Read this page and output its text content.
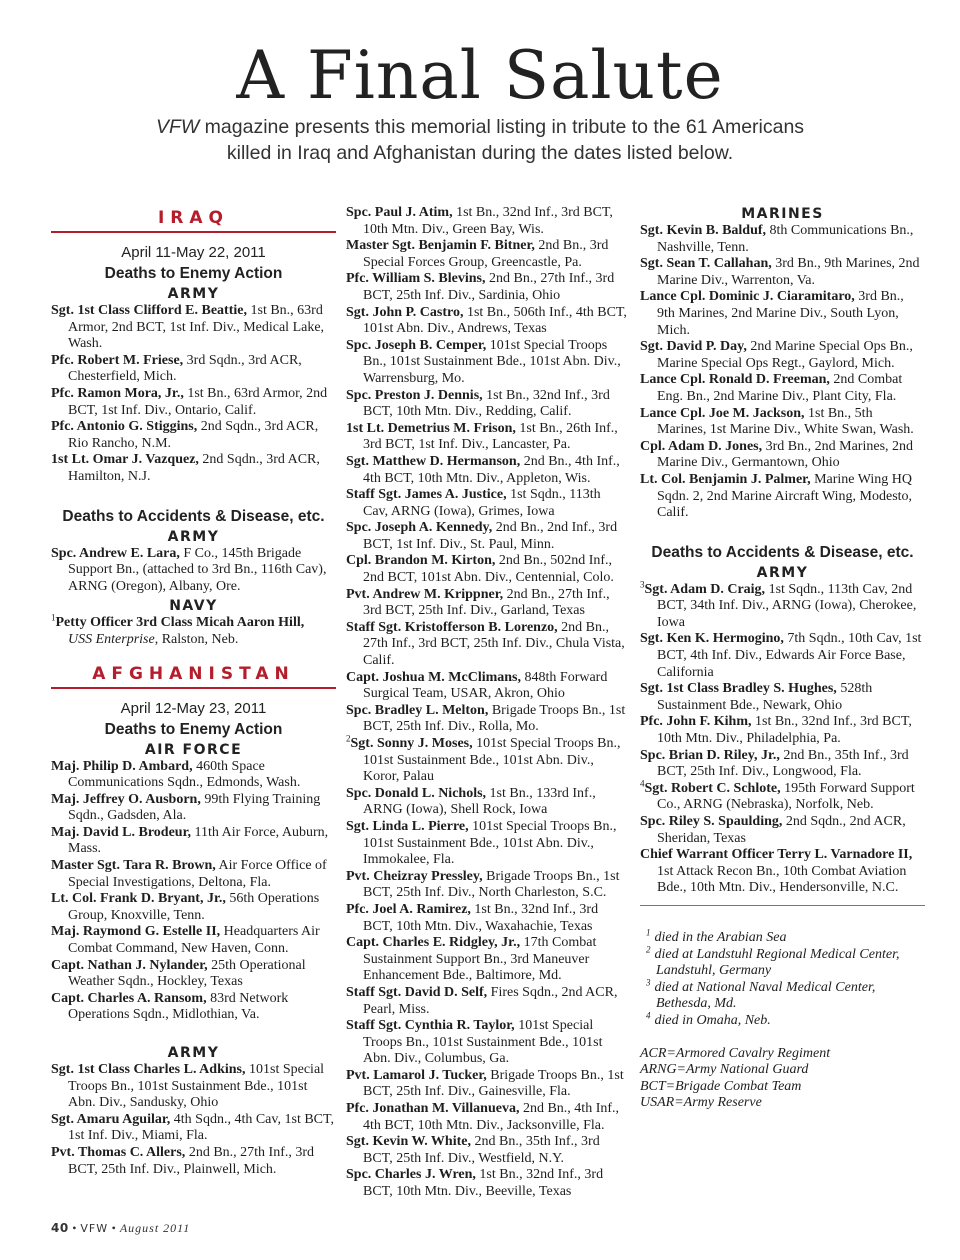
A Final Salute
VFW magazine presents this memorial listing in tribute to the 61 Americans
killed in Iraq and Afghanistan during the dates listed below.
IRAQ
April 11-May 22, 2011
Deaths to Enemy Action
ARMY
Sgt. 1st Class Clifford E. Beattie, 1st Bn., 63rd Armor, 2nd BCT, 1st Inf. Div., Medical Lake, Wash.
Pfc. Robert M. Friese, 3rd Sqdn., 3rd ACR, Chesterfield, Mich.
Pfc. Ramon Mora, Jr., 1st Bn., 63rd Armor, 2nd BCT, 1st Inf. Div., Ontario, Calif.
Pfc. Antonio G. Stiggins, 2nd Sqdn., 3rd ACR, Rio Rancho, N.M.
1st Lt. Omar J. Vazquez, 2nd Sqdn., 3rd ACR, Hamilton, N.J.
Deaths to Accidents & Disease, etc.
ARMY
Spc. Andrew E. Lara, F Co., 145th Brigade Support Bn., (attached to 3rd Bn., 116th Cav), ARNG (Oregon), Albany, Ore.
NAVY
$^1$Petty Officer 3rd Class Micah Aaron Hill,
USS Enterprise, Ralston, Neb.
AFGHANISTAN
April 12-May 23, 2011
Deaths to Enemy Action
AIR FORCE
Maj. Philip D. Ambard, 460th Space Communications Sqdn., Edmonds, Wash.
Maj. Jeffrey O. Ausborn, 99th Flying Training Sqdn., Gadsden, Ala.
Maj. David L. Brodeur, 11th Air Force, Auburn, Mass.
Master Sgt. Tara R. Brown, Air Force Office of Special Investigations, Deltona, Fla.
Lt. Col. Frank D. Bryant, Jr., 56th Operations Group, Knoxville, Tenn.
Maj. Raymond G. Estelle II, Headquarters Air Combat Command, New Haven, Conn.
Capt. Nathan J. Nylander, 25th Operational Weather Sqdn., Hockley, Texas
Capt. Charles A. Ransom, 83rd Network Operations Sqdn., Midlothian, Va.
ARMY
Sgt. 1st Class Charles L. Adkins, 101st Special Troops Bn., 101st Sustainment Bde., 101st Abn. Div., Sandusky, Ohio
Sgt. Amaru Aguilar, 4th Sqdn., 4th Cav, 1st BCT, 1st Inf. Div., Miami, Fla.
Pvt. Thomas C. Allers, 2nd Bn., 27th Inf., 3rd BCT, 25th Inf. Div., Plainwell, Mich.
Spc. Paul J. Atim, 1st Bn., 32nd Inf., 3rd BCT, 10th Mtn. Div., Green Bay, Wis.
Master Sgt. Benjamin F. Bitner, 2nd Bn., 3rd Special Forces Group, Greencastle, Pa.
Pfc. William S. Blevins, 2nd Bn., 27th Inf., 3rd BCT, 25th Inf. Div., Sardinia, Ohio
Sgt. John P. Castro, 1st Bn., 506th Inf., 4th BCT, 101st Abn. Div., Andrews, Texas
Spc. Joseph B. Cemper, 101st Special Troops Bn., 101st Sustainment Bde., 101st Abn. Div., Warrensburg, Mo.
Spc. Preston J. Dennis, 1st Bn., 32nd Inf., 3rd BCT, 10th Mtn. Div., Redding, Calif.
1st Lt. Demetrius M. Frison, 1st Bn., 26th Inf., 3rd BCT, 1st Inf. Div., Lancaster, Pa.
Sgt. Matthew D. Hermanson, 2nd Bn., 4th Inf., 4th BCT, 10th Mtn. Div., Appleton, Wis.
Staff Sgt. James A. Justice, 1st Sqdn., 113th Cav, ARNG (Iowa), Grimes, Iowa
Spc. Joseph A. Kennedy, 2nd Bn., 2nd Inf., 3rd BCT, 1st Inf. Div., St. Paul, Minn.
Cpl. Brandon M. Kirton, 2nd Bn., 502nd Inf., 2nd BCT, 101st Abn. Div., Centennial, Colo.
Pvt. Andrew M. Krippner, 2nd Bn., 27th Inf., 3rd BCT, 25th Inf. Div., Garland, Texas
Staff Sgt. Kristofferson B. Lorenzo, 2nd Bn., 27th Inf., 3rd BCT, 25th Inf. Div., Chula Vista, Calif.
Capt. Joshua M. McClimans, 848th Forward Surgical Team, USAR, Akron, Ohio
Spc. Bradley L. Melton, Brigade Troops Bn., 1st BCT, 25th Inf. Div., Rolla, Mo.
$^2$Sgt. Sonny J. Moses, 101st Special Troops Bn., 101st Sustainment Bde., 101st Abn. Div., Koror, Palau
Spc. Donald L. Nichols, 1st Bn., 133rd Inf., ARNG (Iowa), Shell Rock, Iowa
Sgt. Linda L. Pierre, 101st Special Troops Bn., 101st Sustainment Bde., 101st Abn. Div., Immokalee, Fla.
Pvt. Cheizray Pressley, Brigade Troops Bn., 1st BCT, 25th Inf. Div., North Charleston, S.C.
Pfc. Joel A. Ramirez, 1st Bn., 32nd Inf., 3rd BCT, 10th Mtn. Div., Waxahachie, Texas
Capt. Charles E. Ridgley, Jr., 17th Combat Sustainment Support Bn., 3rd Maneuver Enhancement Bde., Baltimore, Md.
Staff Sgt. David D. Self, Fires Sqdn., 2nd ACR, Pearl, Miss.
Staff Sgt. Cynthia R. Taylor, 101st Special Troops Bn., 101st Sustainment Bde., 101st Abn. Div., Columbus, Ga.
Pvt. Lamarol J. Tucker, Brigade Troops Bn., 1st BCT, 25th Inf. Div., Gainesville, Fla.
Pfc. Jonathan M. Villanueva, 2nd Bn., 4th Inf., 4th BCT, 10th Mtn. Div., Jacksonville, Fla.
Sgt. Kevin W. White, 2nd Bn., 35th Inf., 3rd BCT, 25th Inf. Div., Westfield, N.Y.
Spc. Charles J. Wren, 1st Bn., 32nd Inf., 3rd BCT, 10th Mtn. Div., Beeville, Texas
MARINES
Sgt. Kevin B. Balduf, 8th Communications Bn., Nashville, Tenn.
Sgt. Sean T. Callahan, 3rd Bn., 9th Marines, 2nd Marine Div., Warrenton, Va.
Lance Cpl. Dominic J. Ciaramitaro, 3rd Bn., 9th Marines, 2nd Marine Div., South Lyon, Mich.
Sgt. David P. Day, 2nd Marine Special Ops Bn., Marine Special Ops Regt., Gaylord, Mich.
Lance Cpl. Ronald D. Freeman, 2nd Combat Eng. Bn., 2nd Marine Div., Plant City, Fla.
Lance Cpl. Joe M. Jackson, 1st Bn., 5th Marines, 1st Marine Div., White Swan, Wash.
Cpl. Adam D. Jones, 3rd Bn., 2nd Marines, 2nd Marine Div., Germantown, Ohio
Lt. Col. Benjamin J. Palmer, Marine Wing HQ Sqdn. 2, 2nd Marine Aircraft Wing, Modesto, Calif.
Deaths to Accidents & Disease, etc.
ARMY
$^3$Sgt. Adam D. Craig, 1st Sqdn., 113th Cav, 2nd BCT, 34th Inf. Div., ARNG (Iowa), Cherokee, Iowa
Sgt. Ken K. Hermogino, 7th Sqdn., 10th Cav, 1st BCT, 4th Inf. Div., Edwards Air Force Base, California
Sgt. 1st Class Bradley S. Hughes, 528th Sustainment Bde., Newark, Ohio
Pfc. John F. Kihm, 1st Bn., 32nd Inf., 3rd BCT, 10th Mtn. Div., Philadelphia, Pa.
Spc. Brian D. Riley, Jr., 2nd Bn., 35th Inf., 3rd BCT, 25th Inf. Div., Longwood, Fla.
$^4$Sgt. Robert C. Schlote, 195th Forward Support Co., ARNG (Nebraska), Norfolk, Neb.
Spc. Riley S. Spaulding, 2nd Sqdn., 2nd ACR, Sheridan, Texas
Chief Warrant Officer Terry L. Varnadore II, 1st Attack Recon Bn., 10th Combat Aviation Bde., 10th Mtn. Div., Hendersonville, N.C.
$^1$ died in the Arabian Sea
$^2$ died at Landstuhl Regional Medical Center, Landstuhl, Germany
$^3$ died at National Naval Medical Center, Bethesda, Md.
$^4$ died in Omaha, Neb.
ACR=Armored Cavalry Regiment
ARNG=Army National Guard
BCT=Brigade Combat Team
USAR=Army Reserve
40 • VFW • August 2011
